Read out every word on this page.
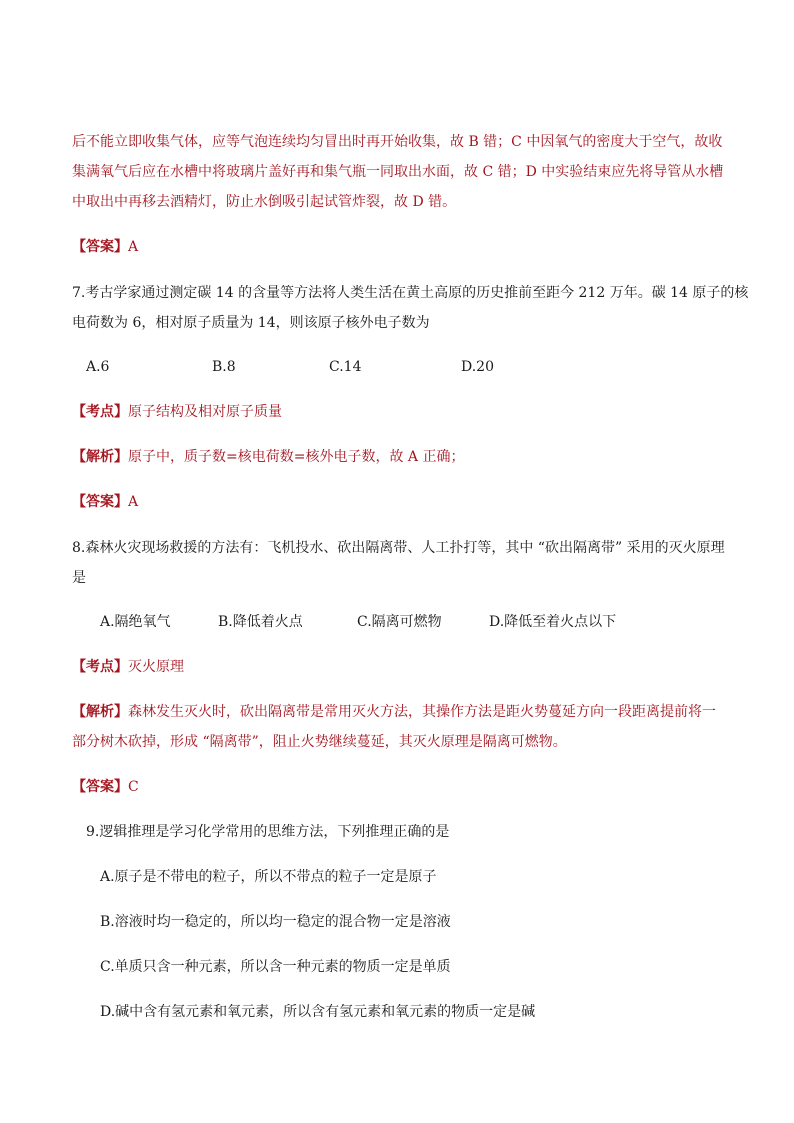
后不能立即收集气体，应等气泡连续均匀冒出时再开始收集，故 B 错；C 中因氧气的密度大于空气，故收

集满氧气后应在水槽中将玻璃片盖好再和集气瓶一同取出水面，故 C 错；D 中实验结束应先将导管从水槽

中取出中再移去酒精灯，防止水倒吸引起试管炸裂，故 D 错。

【答案】A

7.考古学家通过测定碳 14 的含量等方法将人类生活在黄土高原的历史推前至距今 212 万年。碳 14 原子的核

电荷数为 6，相对原子质量为 14，则该原子核外电子数为

A.6	B.8	C.14	D.20

【考点】原子结构及相对原子质量

【解析】原子中，质子数=核电荷数=核外电子数，故 A 正确；

【答案】A

8.森林火灾现场救援的方法有：飞机投水、砍出隔离带、人工扑打等，其中 “砍出隔离带” 采用的灭火原理

是

A.隔绝氧气	B.降低着火点	C.隔离可燃物	D.降低至着火点以下

【考点】灭火原理

【解析】森林发生灭火时，砍出隔离带是常用灭火方法，其操作方法是距火势蔓延方向一段距离提前将一

部分树木砍掉，形成 “隔离带”，阻止火势继续蔓延，其灭火原理是隔离可燃物。

【答案】C

9.逻辑推理是学习化学常用的思维方法，下列推理正确的是

A.原子是不带电的粒子，所以不带点的粒子一定是原子

B.溶液时均一稳定的，所以均一稳定的混合物一定是溶液

C.单质只含一种元素，所以含一种元素的物质一定是单质

D.碱中含有氢元素和氧元素，所以含有氢元素和氧元素的物质一定是碱
